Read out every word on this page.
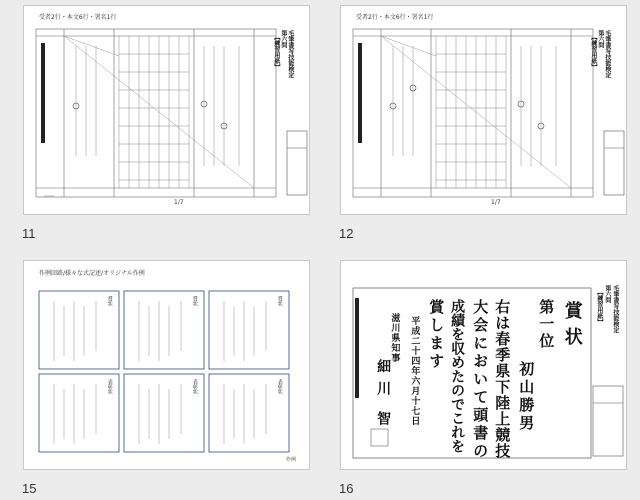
受者2行・本文6行・署名1行
毛筆書写技能検定
第六問
【練習用紙】
1/7
11
受者2行・本文6行・署名1行
毛筆書写技能検定
第六問
【練習用紙】
1/7
12
作例回路/様々な式記述/オリジナル作例
賞状	賞状	賞状
表彰状	表彰状	表彰状
作例
15
毛筆書写技能検定
第六問
【練習用紙】
賞状
第一位
初山勝男
右は春季県下陸上競技
大会において頭書の
成績を収めたのでこれを
賞します
平成二十四年六月十七日
滋川県知事
細川
智
16
